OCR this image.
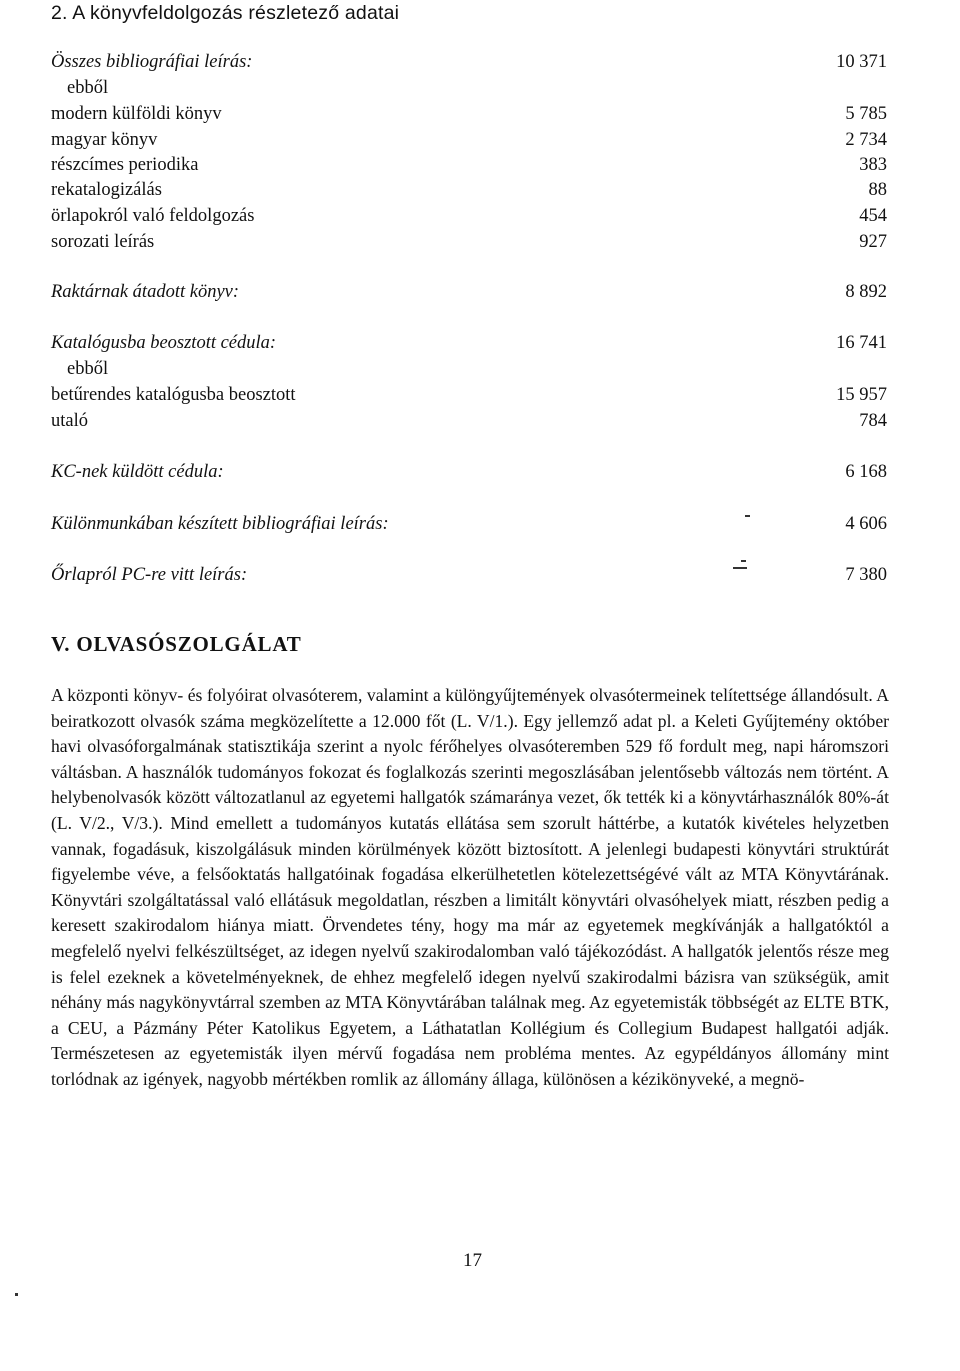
2. A könyvfeldolgozás részletező adatai
Összes bibliográfiai leírás:	10 371
ebből
modern külföldi könyv	5 785
magyar könyv	2 734
részcímes periodika	383
rekatalogizálás	88
örlapokról való feldolgozás	454
sorozati leírás	927
Raktárnak átadott könyv:	8 892
Katalógusba beosztott cédula:	16 741
ebből
betűrendes katalógusba beosztott	15 957
utaló	784
KC-nek küldött cédula:	6 168
Különmunkában készített bibliográfiai leírás:	4 606
Őrlapról PC-re vitt leírás:	7 380
V. OLVASÓSZOLGÁLAT
A központi könyv- és folyóirat olvasóterem, valamint a különgyűjtemények olvasótermeinek telítettsége állandósult. A beiratkozott olvasók száma megközelítette a 12.000 főt (L. V/1.). Egy jellemző adat pl. a Keleti Gyűjtemény október havi olvasóforgalmának statisztikája szerint a nyolc férőhelyes olvasóteremben 529 fő fordult meg, napi háromszori váltásban. A használók tudományos fokozat és foglalkozás szerinti megoszlásában jelentősebb változás nem történt. A helybenolvasók között változatlanul az egyetemi hallgatók számaránya vezet, ők tették ki a könyvtárhasználók 80%-át (L. V/2., V/3.). Mind emellett a tudományos kutatás ellátása sem szorult háttérbe, a kutatók kivételes helyzetben vannak, fogadásuk, kiszolgálásuk minden körülmények között biztosított. A jelenlegi budapesti könyvtári struktúrát figyelembe véve, a felsőoktatás hallgatóinak fogadása elkerülhetetlen kötelezettségévé vált az MTA Könyvtárának. Könyvtári szolgáltatással való ellátásuk megoldatlan, részben a limitált könyvtári olvasóhelyek miatt, részben pedig a keresett szakirodalom hiánya miatt. Örvendetes tény, hogy ma már az egyetemek megkívánják a hallgatóktól a megfelelő nyelvi felkészültséget, az idegen nyelvű szakirodalomban való tájékozódást. A hallgatók jelentős része meg is felel ezeknek a követelményeknek, de ehhez megfelelő idegen nyelvű szakirodalmi bázisra van szükségük, amit néhány más nagykönyvtárral szemben az MTA Könyvtárában találnak meg. Az egyetemisták többségét az ELTE BTK, a CEU, a Pázmány Péter Katolikus Egyetem, a Láthatatlan Kollégium és Collegium Budapest hallgatói adják. Természetesen az egyetemisták ilyen mérvű fogadása nem probléma mentes. Az egypéldányos állomány mint torlódnak az igények, nagyobb mértékben romlik az állomány állaga, különösen a kézikönyveké, a megnö-
17
